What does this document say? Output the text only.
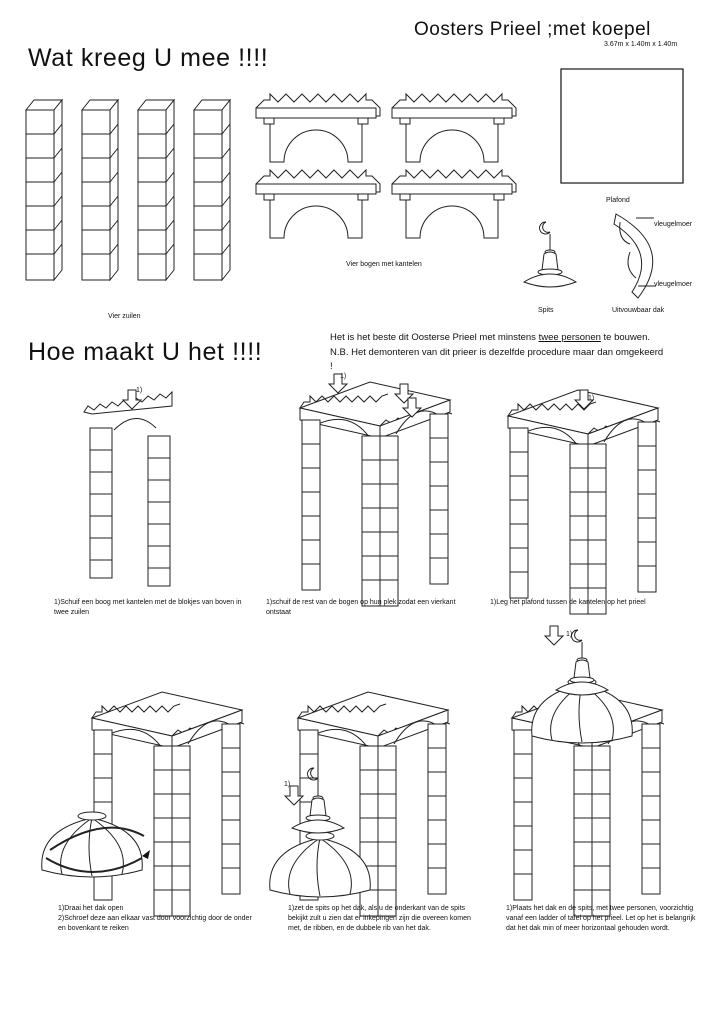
Oosters Prieel ;met koepel
3.67m x 1.40m x 1.40m
Wat kreeg U mee !!!!
Vier zuilen
Vier bogen met kantelen
Plafond
Spits	Uitvouwbaar dak
vleugelmoer
vleugelmoer
Hoe maakt U het !!!!
Het is het beste dit Oosterse Prieel met minstens twee personen te bouwen.
N.B. Het demonteren van dit prieer is dezelfde procedure maar dan omgekeerd
!
1)
1)
1)
1)Schuif een boog met kantelen met de blokjes van boven in twee zuilen
1)schuif de rest van de bogen op hun plek zodat een vierkant ontstaat
1)Leg het plafond tussen de kantelen op het prieel
1)
1)
1)Draai het dak open
2)Schroef deze aan elkaar vast door voorzichtig door de onder en bovenkant te reiken
1)zet de spits op het dak, als u de onderkant van de spits bekijkt zult u zien dat er inkepingen zijn die overeen komen met, de ribben, en de dubbele rib van het dak.
1)Plaats het dak en de spits, met twee personen, voorzichtig vanaf een ladder of tafel op het prieel. Let op het is belangrijk dat het dak min of meer horizontaal gehouden wordt.
